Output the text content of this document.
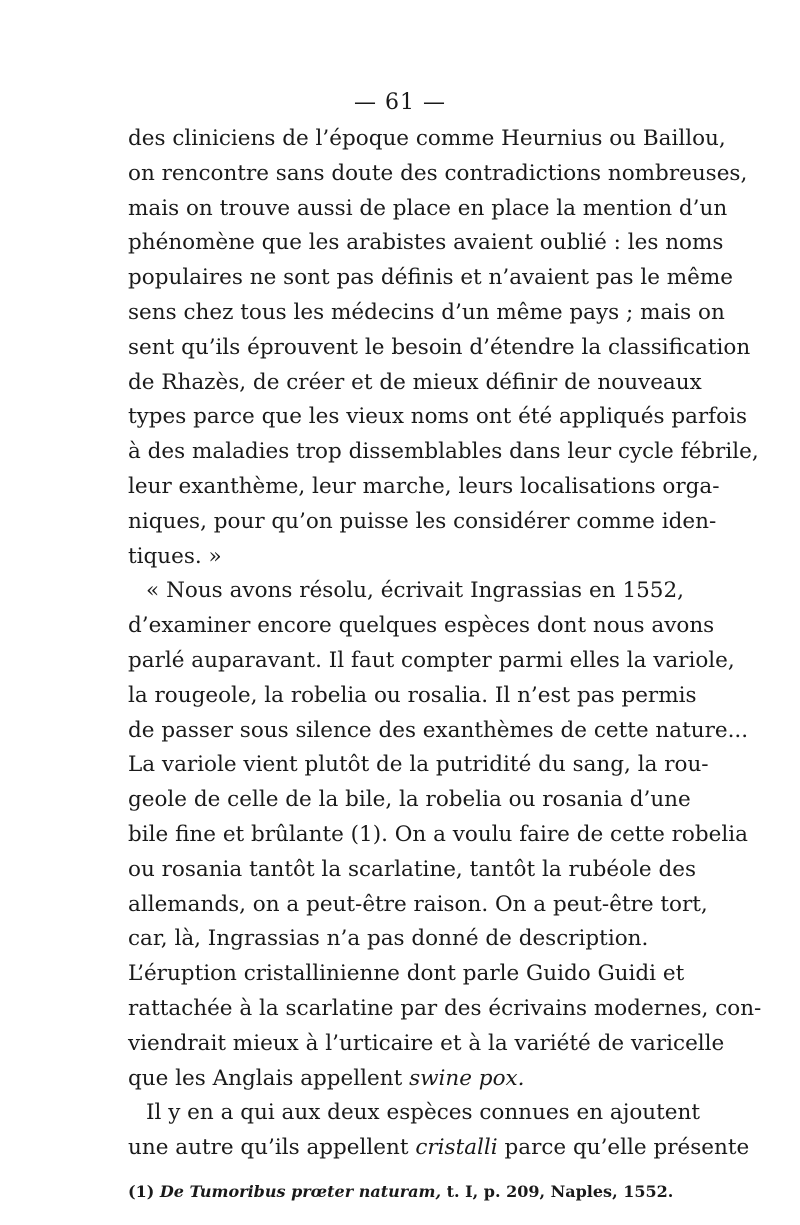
— 61 —
des cliniciens de l’époque comme Heurnius ou Baillou,
on rencontre sans doute des contradictions nombreuses,
mais on trouve aussi de place en place la mention d’un
phénomène que les arabistes avaient oublié : les noms
populaires ne sont pas définis et n’avaient pas le même
sens chez tous les médecins d’un même pays ; mais on
sent qu’ils éprouvent le besoin d’étendre la classification
de Rhazès, de créer et de mieux définir de nouveaux
types parce que les vieux noms ont été appliqués parfois
à des maladies trop dissemblables dans leur cycle fébrile,
leur exanthème, leur marche, leurs localisations orga-
niques, pour qu’on puisse les considérer comme iden-
tiques. »
« Nous avons résolu, écrivait Ingrassias en 1552,
d’examiner encore quelques espèces dont nous avons
parlé auparavant. Il faut compter parmi elles la variole,
la rougeole, la robelia ou rosalia. Il n’est pas permis
de passer sous silence des exanthèmes de cette nature...
La variole vient plutôt de la putridité du sang, la rou-
geole de celle de la bile, la robelia ou rosania d’une
bile fine et brûlante (1). On a voulu faire de cette robelia
ou rosania tantôt la scarlatine, tantôt la rubéole des
allemands, on a peut-être raison. On a peut-être tort,
car, là, Ingrassias n’a pas donné de description.
L’éruption cristallinienne dont parle Guido Guidi et
rattachée à la scarlatine par des écrivains modernes, con-
viendrait mieux à l’urticaire et à la variété de varicelle
que les Anglais appellent swine pox.
Il y en a qui aux deux espèces connues en ajoutent
une autre qu’ils appellent cristalli parce qu’elle présente
(1) De Tumoribus prœter naturam, t. I, p. 209, Naples, 1552.
